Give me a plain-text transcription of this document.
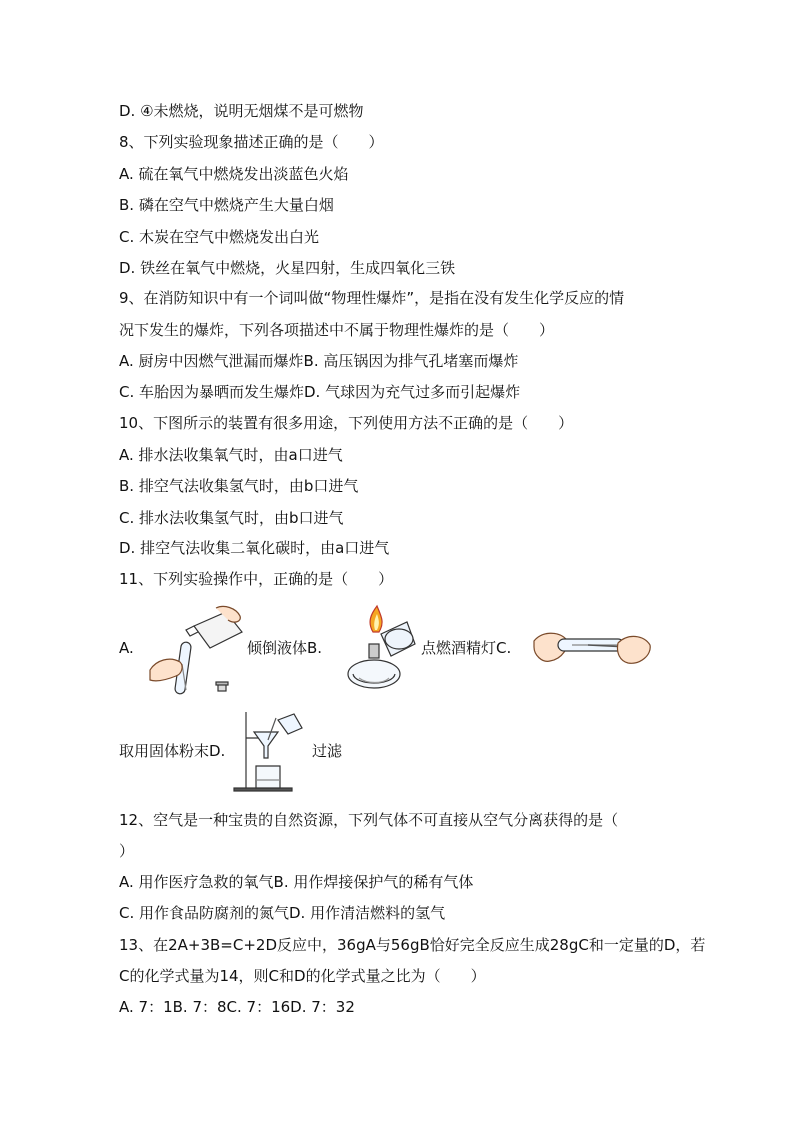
D. ④未燃烧，说明无烟煤不是可燃物
8、下列实验现象描述正确的是（　　）
A. 硫在氧气中燃烧发出淡蓝色火焰
B. 磷在空气中燃烧产生大量白烟
C. 木炭在空气中燃烧发出白光
D. 铁丝在氧气中燃烧，火星四射，生成四氧化三铁
9、在消防知识中有一个词叫做“物理性爆炸”，是指在没有发生化学反应的情
况下发生的爆炸，下列各项描述中不属于物理性爆炸的是（　　）
A. 厨房中因燃气泄漏而爆炸B. 高压锅因为排气孔堵塞而爆炸
C. 车胎因为暴晒而发生爆炸D. 气球因为充气过多而引起爆炸
10、下图所示的装置有很多用途，下列使用方法不正确的是（　　）
A. 排水法收集氧气时，由a口进气
B. 排空气法收集氢气时，由b口进气
C. 排水法收集氢气时，由b口进气
D. 排空气法收集二氧化碳时，由a口进气
11、下列实验操作中，正确的是（　　）
A.	倾倒液体B.	点燃酒精灯C.
取用固体粉末D.	过滤
12、空气是一种宝贵的自然资源，下列气体不可直接从空气分离获得的是（
）
A. 用作医疗急救的氧气B. 用作焊接保护气的稀有气体
C. 用作食品防腐剂的氮气D. 用作清洁燃料的氢气
13、在2A+3B=C+2D反应中，36gA与56gB恰好完全反应生成28gC和一定量的D，若
C的化学式量为14，则C和D的化学式量之比为（　　）
A. 7：1B. 7：8C. 7：16D. 7：32
